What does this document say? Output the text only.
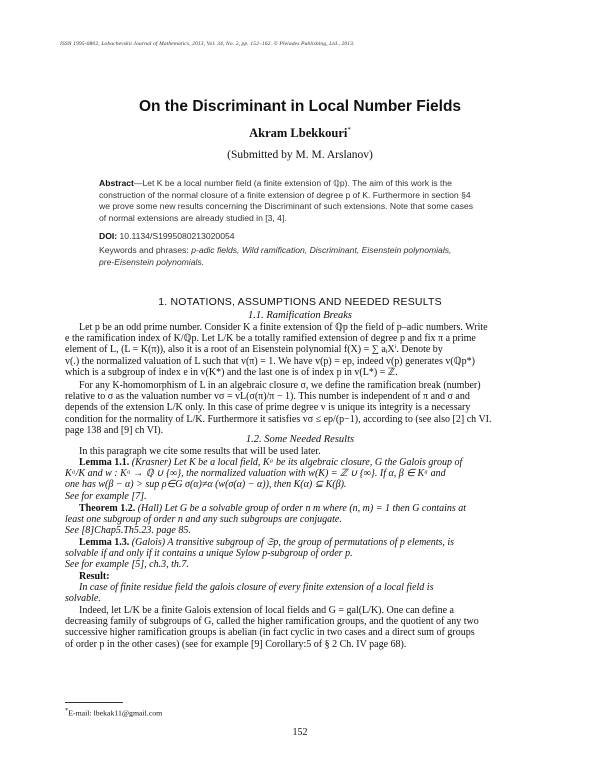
ISSN 1995-0802, Lobachevskii Journal of Mathematics, 2013, Vol. 34, No. 2, pp. 152–162. © Pleiades Publishing, Ltd., 2013.
On the Discriminant in Local Number Fields
Akram Lbekkouri*
(Submitted by M. M. Arslanov)
Abstract—Let K be a local number field (a finite extension of ℚp). The aim of this work is the
construction of the normal closure of a finite extension of degree p of K. Furthermore in section §4
we prove some new results concerning the Discriminant of such extensions. Note that some cases
of normal extensions are already studied in [3, 4].
DOI: 10.1134/S1995080213020054
Keywords and phrases: p-adic fields, Wild ramification, Discriminant, Eisenstein polynomials,
pre-Eisenstein polynomials.
1. NOTATIONS, ASSUMPTIONS AND NEEDED RESULTS
1.1. Ramification Breaks
Let p be an odd prime number. Consider K a finite extension of ℚp the field of p–adic numbers. Write
e the ramification index of K/ℚp. Let L/K be a totally ramified extension of degree p and fix π a prime
element of L, (L = K(π)), also it is a root of an Eisenstein polynomial f(X) = ∑ aᵢXⁱ. Denote by
v(.) the normalized valuation of L such that v(π) = 1. We have v(p) = ep, indeed v(p) generates v(ℚp*)
which is a subgroup of index e in v(K*) and the last one is of index p in v(L*) = ℤ.
For any K-homomorphism of L in an algebraic closure σ, we define the ramification break (number)
relative to σ as the valuation number vσ = vL(σ(π)/π − 1). This number is independent of π and σ and
depends of the extension L/K only. In this case of prime degree v is unique its integrity is a necessary
condition for the normality of L/K. Furthermore it satisfies vσ ≤ ep/(p−1), according to (see also [2] ch VI.
page 138 and [9] ch VI).
1.2. Some Needed Results
In this paragraph we cite some results that will be used later.
Lemma 1.1. (Krasner) Let K be a local field, Kᵃ be its algebraic closure, G the Galois group of
Kᵃ/K and w : Kᵃ → ℚ ∪ {∞}, the normalized valuation with w(K) = ℤ ∪ {∞}. If α, β ∈ Kᵃ and
one has w(β − α) > sup ρ∈G σ(α)≠α (w(σ(α) − α)), then K(α) ⊆ K(β).
See for example [7].
Theorem 1.2. (Hall) Let G be a solvable group of order n m where (n, m) = 1 then G contains at
least one subgroup of order n and any such subgroups are conjugate.
See [8]Chap5.Th5.23. page 85.
Lemma 1.3. (Galois) A transitive subgroup of 𝔖p, the group of permutations of p elements, is
solvable if and only if it contains a unique Sylow p-subgroup of order p.
See for example [5], ch.3, th.7.
Result:
In case of finite residue field the galois closure of every finite extension of a local field is
solvable.
Indeed, let L/K be a finite Galois extension of local fields and G = gal(L/K). One can define a
decreasing family of subgroups of G, called the higher ramification groups, and the quotient of any two
successive higher ramification groups is abelian (in fact cyclic in two cases and a direct sum of groups
of order p in the other cases) (see for example [9] Corollary:5 of § 2 Ch. IV page 68).
*E-mail: lbekak11@gmail.com
152
